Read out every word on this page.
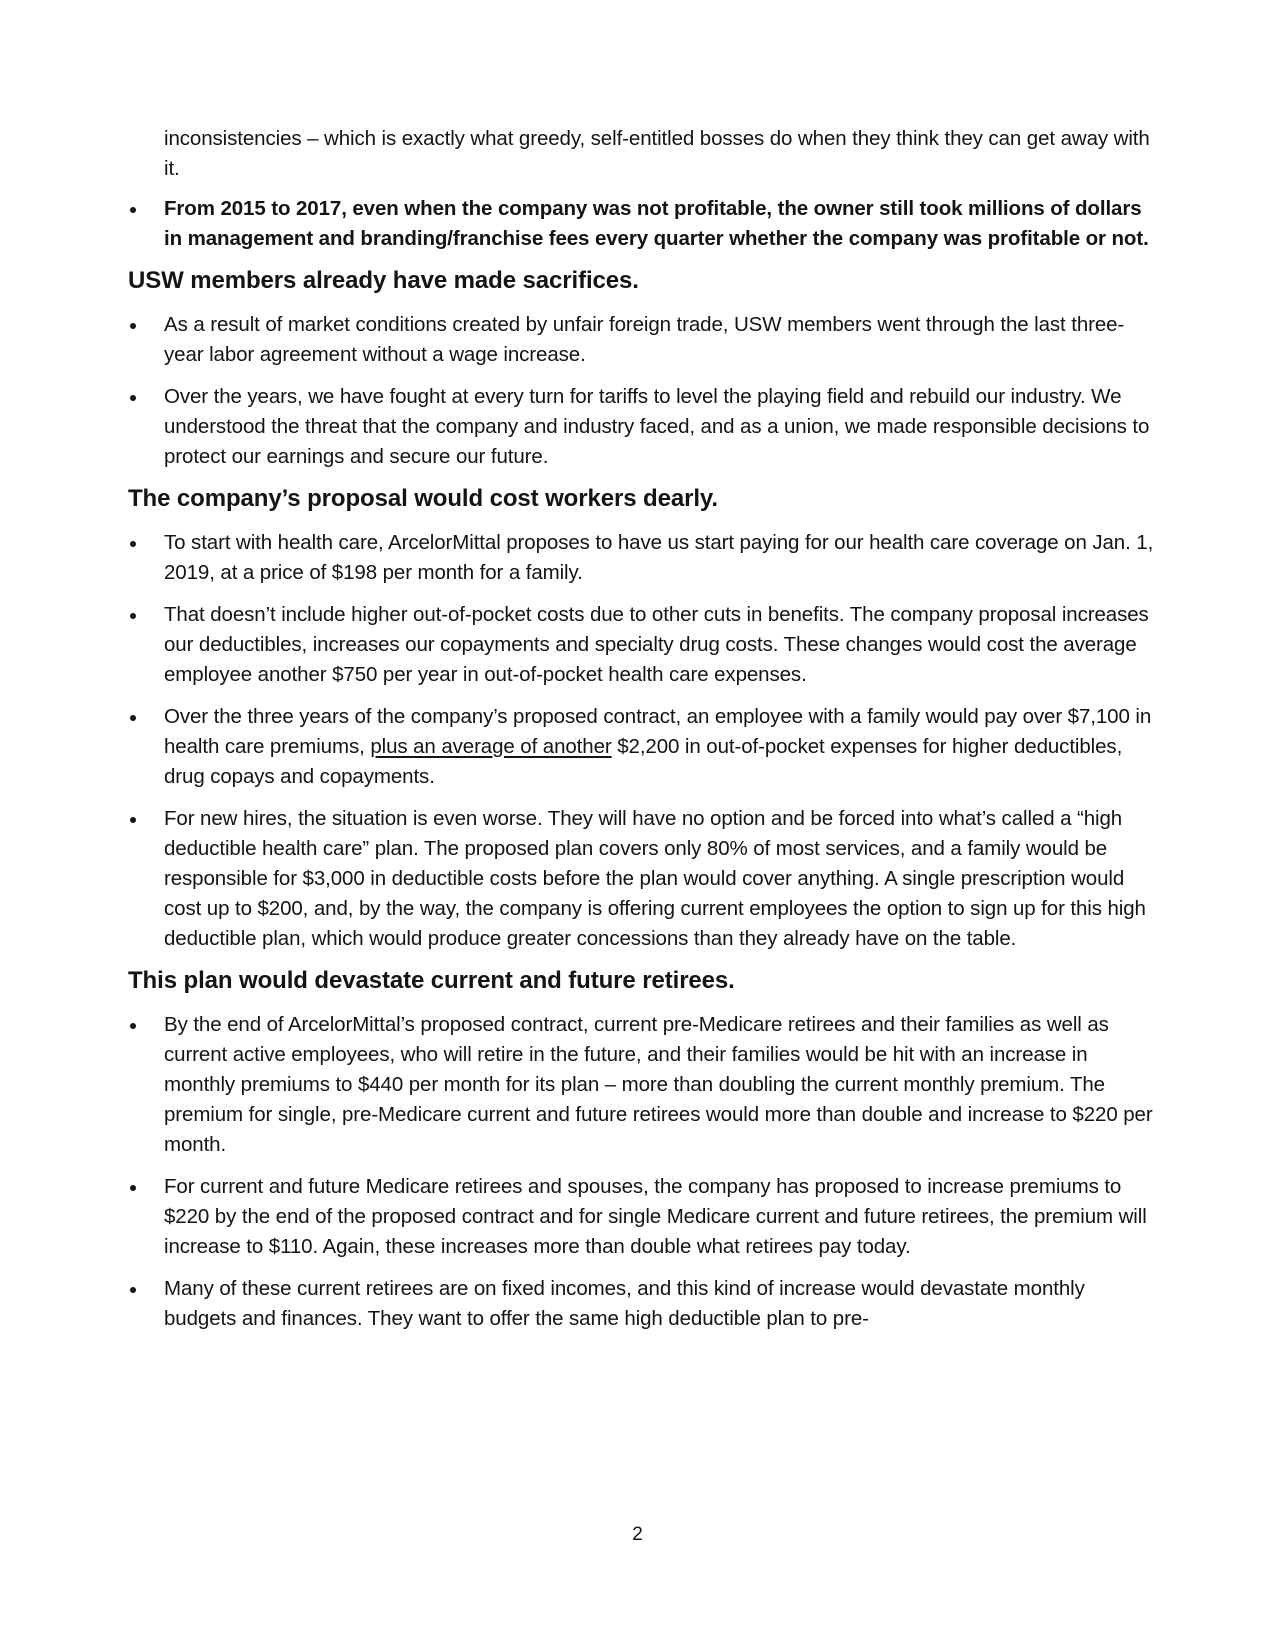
inconsistencies – which is exactly what greedy, self-entitled bosses do when they think they can get away with it.
From 2015 to 2017, even when the company was not profitable, the owner still took millions of dollars in management and branding/franchise fees every quarter whether the company was profitable or not.
USW members already have made sacrifices.
As a result of market conditions created by unfair foreign trade, USW members went through the last three-year labor agreement without a wage increase.
Over the years, we have fought at every turn for tariffs to level the playing field and rebuild our industry. We understood the threat that the company and industry faced, and as a union, we made responsible decisions to protect our earnings and secure our future.
The company’s proposal would cost workers dearly.
To start with health care, ArcelorMittal proposes to have us start paying for our health care coverage on Jan. 1, 2019, at a price of $198 per month for a family.
That doesn’t include higher out-of-pocket costs due to other cuts in benefits. The company proposal increases our deductibles, increases our copayments and specialty drug costs. These changes would cost the average employee another $750 per year in out-of-pocket health care expenses.
Over the three years of the company’s proposed contract, an employee with a family would pay over $7,100 in health care premiums, plus an average of another $2,200 in out-of-pocket expenses for higher deductibles, drug copays and copayments.
For new hires, the situation is even worse. They will have no option and be forced into what’s called a “high deductible health care” plan. The proposed plan covers only 80% of most services, and a family would be responsible for $3,000 in deductible costs before the plan would cover anything. A single prescription would cost up to $200, and, by the way, the company is offering current employees the option to sign up for this high deductible plan, which would produce greater concessions than they already have on the table.
This plan would devastate current and future retirees.
By the end of ArcelorMittal’s proposed contract, current pre-Medicare retirees and their families as well as current active employees, who will retire in the future, and their families would be hit with an increase in monthly premiums to $440 per month for its plan – more than doubling the current monthly premium. The premium for single, pre-Medicare current and future retirees would more than double and increase to $220 per month.
For current and future Medicare retirees and spouses, the company has proposed to increase premiums to $220 by the end of the proposed contract and for single Medicare current and future retirees, the premium will increase to $110. Again, these increases more than double what retirees pay today.
Many of these current retirees are on fixed incomes, and this kind of increase would devastate monthly budgets and finances. They want to offer the same high deductible plan to pre-
2
